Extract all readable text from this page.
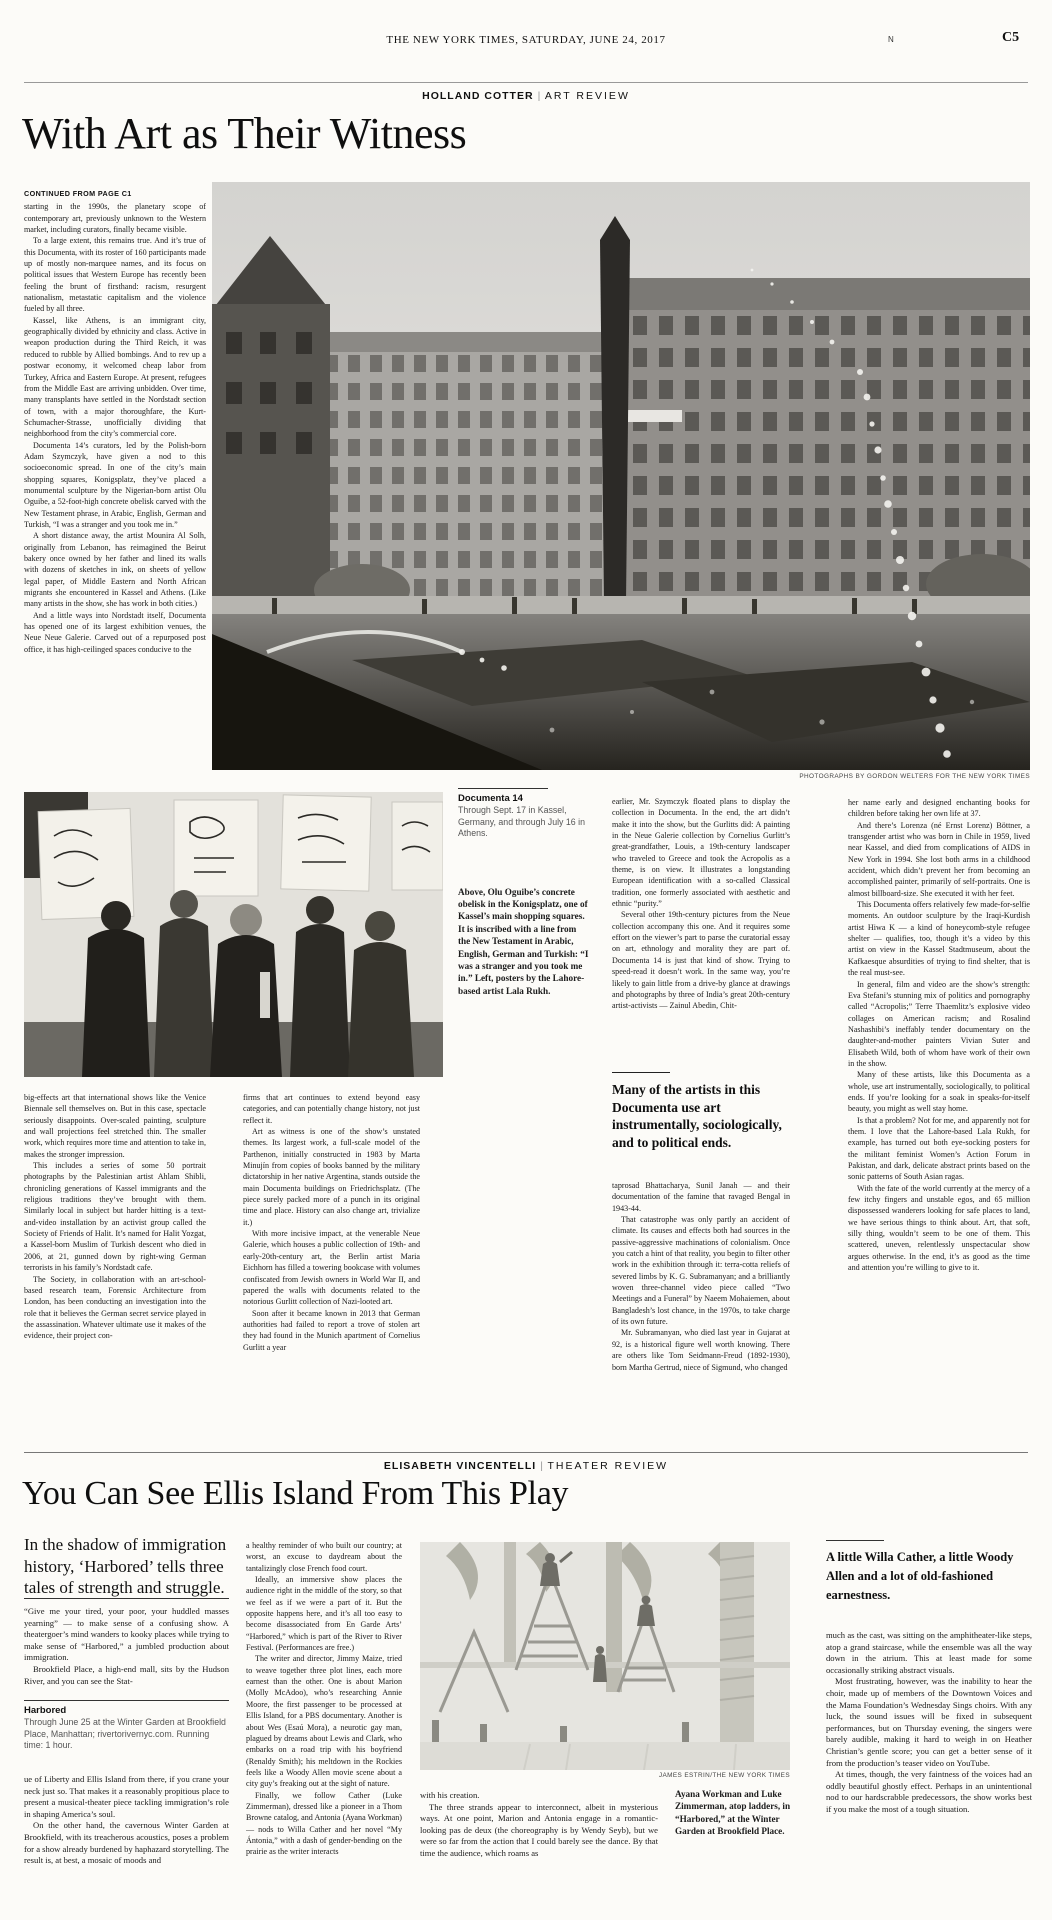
THE NEW YORK TIMES, SATURDAY, JUNE 24, 2017	N	C5
HOLLAND COTTER | ART REVIEW
With Art as Their Witness
CONTINUED FROM PAGE C1

starting in the 1990s, the planetary scope of contemporary art, previously unknown to the Western market, including curators, finally became visible.

To a large extent, this remains true. And it’s true of this Documenta, with its roster of 160 participants made up of mostly non-marquee names, and its focus on political issues that Western Europe has recently been feeling the brunt of firsthand: racism, resurgent nationalism, metastatic capitalism and the violence fueled by all three.

Kassel, like Athens, is an immigrant city, geographically divided by ethnicity and class. Active in weapon production during the Third Reich, it was reduced to rubble by Allied bombings. And to rev up a postwar economy, it welcomed cheap labor from Turkey, Africa and Eastern Europe. At present, refugees from the Middle East are arriving unbidden. Over time, many transplants have settled in the Nordstadt section of town, with a major thoroughfare, the Kurt-Schumacher-Strasse, unofficially dividing that neighborhood from the city’s commercial core.

Documenta 14’s curators, led by the Polish-born Adam Szymczyk, have given a nod to this socioeconomic spread. In one of the city’s main shopping squares, Konigsplatz, they’ve placed a monumental sculpture by the Nigerian-born artist Olu Oguibe, a 52-foot-high concrete obelisk carved with the New Testament phrase, in Arabic, English, German and Turkish, “I was a stranger and you took me in.”

A short distance away, the artist Mounira Al Solh, originally from Lebanon, has reimagined the Beirut bakery once owned by her father and lined its walls with dozens of sketches in ink, on sheets of yellow legal paper, of Middle Eastern and North African migrants she encountered in Kassel and Athens. (Like many artists in the show, she has work in both cities.)

And a little ways into Nordstadt itself, Documenta has opened one of its largest exhibition venues, the Neue Neue Galerie. Carved out of a repurposed post office, it has high-ceilinged spaces conducive to the

PHOTOGRAPHS BY GORDON WELTERS FOR THE NEW YORK TIMES
Documenta 14
Through Sept. 17 in Kassel, Germany, and through July 16 in Athens.
Above, Olu Oguibe’s concrete obelisk in the Konigsplatz, one of Kassel’s main shopping squares. It is inscribed with a line from the New Testament in Arabic, English, German and Turkish: “I was a stranger and you took me in.” Left, posters by the Lahore-based artist Lala Rukh.

earlier, Mr. Szymczyk floated plans to display the collection in Documenta. In the end, the art didn’t make it into the show, but the Gurlitts did: A painting in the Neue Galerie collection by Cornelius Gurlitt’s great-grandfather, Louis, a 19th-century landscaper who traveled to Greece and took the Acropolis as a theme, is on view. It illustrates a longstanding European identification with a so-called Classical tradition, one formerly associated with aesthetic and ethnic “purity.”

Several other 19th-century pictures from the Neue collection accompany this one. And it requires some effort on the viewer’s part to parse the curatorial essay on art, ethnology and morality they are part of. Documenta 14 is just that kind of show. Trying to speed-read it doesn’t work. In the same way, you’re likely to gain little from a drive-by glance at drawings and photographs by three of India’s great 20th-century artist-activists — Zainul Abedin, Chit-

Many of the artists in this Documenta use art instrumentally, sociologically, and to political ends.

taprosad Bhattacharya, Sunil Janah — and their documentation of the famine that ravaged Bengal in 1943-44.

That catastrophe was only partly an accident of climate. Its causes and effects both had sources in the passive-aggressive machinations of colonialism. Once you catch a hint of that reality, you begin to filter other work in the exhibition through it: terra-cotta reliefs of severed limbs by K. G. Subramanyan; and a brilliantly woven three-channel video piece called “Two Meetings and a Funeral” by Naeem Mohaiemen, about Bangladesh’s lost chance, in the 1970s, to take charge of its own future.

Mr. Subramanyan, who died last year in Gujarat at 92, is a historical figure well worth knowing. There are others like Tom Seidmann-Freud (1892-1930), born Martha Gertrud, niece of Sigmund, who changed

her name early and designed enchanting books for children before taking her own life at 37.

And there’s Lorenza (né Ernst Lorenz) Böttner, a transgender artist who was born in Chile in 1959, lived near Kassel, and died from complications of AIDS in New York in 1994. She lost both arms in a childhood accident, which didn’t prevent her from becoming an accomplished painter, primarily of self-portraits. One is almost billboard-size. She executed it with her feet.

This Documenta offers relatively few made-for-selfie moments. An outdoor sculpture by the Iraqi-Kurdish artist Hiwa K — a kind of honeycomb-style refugee shelter — qualifies, too, though it’s a video by this artist on view in the Kassel Stadtmuseum, about the Kafkaesque absurdities of trying to find shelter, that is the real must-see.

In general, film and video are the show’s strength: Eva Stefani’s stunning mix of politics and pornography called “Acropolis;” Terre Thaemlitz’s explosive video collages on American racism; and Rosalind Nashashibi’s ineffably tender documentary on the daughter-and-mother painters Vivian Suter and Elisabeth Wild, both of whom have work of their own in the show.

Many of these artists, like this Documenta as a whole, use art instrumentally, sociologically, to political ends. If you’re looking for a soak in speaks-for-itself beauty, you might as well stay home.

Is that a problem? Not for me, and apparently not for them. I love that the Lahore-based Lala Rukh, for example, has turned out both eye-socking posters for the militant feminist Women’s Action Forum in Pakistan, and dark, delicate abstract prints based on the sonic patterns of South Asian ragas.

With the fate of the world currently at the mercy of a few itchy fingers and unstable egos, and 65 million dispossessed wanderers looking for safe places to land, we have serious things to think about. Art, that soft, silly thing, wouldn’t seem to be one of them. This scattered, uneven, relentlessly unspectacular show argues otherwise. In the end, it’s as good as the time and attention you’re willing to give to it.

big-effects art that international shows like the Venice Biennale sell themselves on. But in this case, spectacle seriously disappoints. Over-scaled painting, sculpture and wall projections feel stretched thin. The smaller work, which requires more time and attention to take in, makes the stronger impression.

This includes a series of some 50 portrait photographs by the Palestinian artist Ahlam Shibli, chronicling generations of Kassel immigrants and the religious traditions they’ve brought with them. Similarly local in subject but harder hitting is a text-and-video installation by an activist group called the Society of Friends of Halit. It’s named for Halit Yozgat, a Kassel-born Muslim of Turkish descent who died in 2006, at 21, gunned down by right-wing German terrorists in his family’s Nordstadt cafe.

The Society, in collaboration with an art-school-based research team, Forensic Architecture from London, has been conducting an investigation into the role that it believes the German secret service played in the assassination. Whatever ultimate use it makes of the evidence, their project con-

firms that art continues to extend beyond easy categories, and can potentially change history, not just reflect it.

Art as witness is one of the show’s unstated themes. Its largest work, a full-scale model of the Parthenon, initially constructed in 1983 by Marta Minujín from copies of books banned by the military dictatorship in her native Argentina, stands outside the main Documenta buildings on Friedrichsplatz. (The piece surely packed more of a punch in its original time and place. History can also change art, trivialize it.)

With more incisive impact, at the venerable Neue Galerie, which houses a public collection of 19th- and early-20th-century art, the Berlin artist Maria Eichhorn has filled a towering bookcase with volumes confiscated from Jewish owners in World War II, and papered the walls with documents related to the notorious Gurlitt collection of Nazi-looted art.

Soon after it became known in 2013 that German authorities had failed to report a trove of stolen art they had found in the Munich apartment of Cornelius Gurlitt a year

ELISABETH VINCENTELLI | THEATER REVIEW
You Can See Ellis Island From This Play
In the shadow of immigration history, ‘Harbored’ tells three tales of strength and struggle.

“Give me your tired, your poor, your huddled masses yearning” — to make sense of a confusing show. A theatergoer’s mind wanders to kooky places while trying to make sense of “Harbored,” a jumbled production about immigration.

Brookfield Place, a high-end mall, sits by the Hudson River, and you can see the Stat-

Harbored
Through June 25 at the Winter Garden at Brookfield Place, Manhattan; rivertorivernyc.com. Running time: 1 hour.

ue of Liberty and Ellis Island from there, if you crane your neck just so. That makes it a reasonably propitious place to present a musical-theater piece tackling immigration’s role in shaping America’s soul.

On the other hand, the cavernous Winter Garden at Brookfield, with its treacherous acoustics, poses a problem for a show already burdened by haphazard storytelling. The result is, at best, a mosaic of moods and

a healthy reminder of who built our country; at worst, an excuse to daydream about the tantalizingly close French food court.

Ideally, an immersive show places the audience right in the middle of the story, so that we feel as if we were a part of it. But the opposite happens here, and it’s all too easy to become disassociated from En Garde Arts’ “Harbored,” which is part of the River to River Festival. (Performances are free.)

The writer and director, Jimmy Maize, tried to weave together three plot lines, each more earnest than the other. One is about Marion (Molly McAdoo), who’s researching Annie Moore, the first passenger to be processed at Ellis Island, for a PBS documentary. Another is about Wes (Esaú Mora), a neurotic gay man, plagued by dreams about Lewis and Clark, who embarks on a road trip with his boyfriend (Renaldy Smith); his meltdown in the Rockies feels like a Woody Allen movie scene about a city guy’s freaking out at the sight of nature.

Finally, we follow Cather (Luke Zimmerman), dressed like a pioneer in a Thom Browne catalog, and Antonia (Ayana Workman) — nods to Willa Cather and her novel “My Ántonia,” with a dash of gender-bending on the prairie as the writer interacts

JAMES ESTRIN/THE NEW YORK TIMES
Ayana Workman and Luke Zimmerman, atop ladders, in “Harbored,” at the Winter Garden at Brookfield Place.

with his creation.

The three strands appear to interconnect, albeit in mysterious ways. At one point, Marion and Antonia engage in a romantic-looking pas de deux (the choreography is by Wendy Seyb), but we were so far from the action that I could barely see the dance. By that time the audience, which roams as

A little Willa Cather, a little Woody Allen and a lot of old-fashioned earnestness.

much as the cast, was sitting on the amphitheater-like steps, atop a grand staircase, while the ensemble was all the way down in the atrium. This at least made for some occasionally striking abstract visuals.

Most frustrating, however, was the inability to hear the choir, made up of members of the Downtown Voices and the Mama Foundation’s Wednesday Sings choirs. With any luck, the sound issues will be fixed in subsequent performances, but on Thursday evening, the singers were barely audible, making it hard to weigh in on Heather Christian’s gentle score; you can get a better sense of it from the production’s teaser video on YouTube.

At times, though, the very faintness of the voices had an oddly beautiful ghostly effect. Perhaps in an unintentional nod to our hardscrabble predecessors, the show works best if you make the most of a tough situation.
